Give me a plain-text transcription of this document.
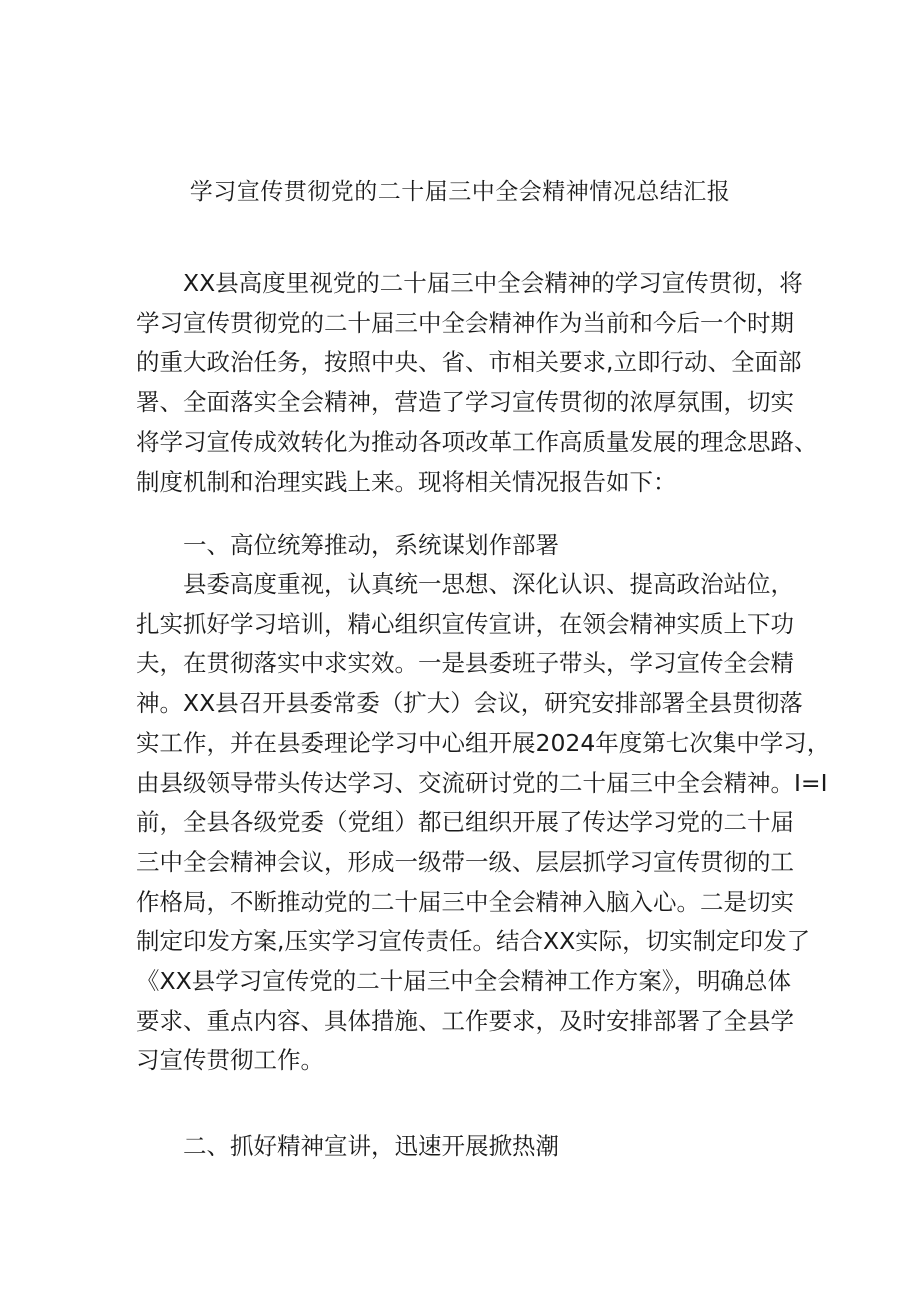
学习宣传贯彻党的二十届三中全会精神情况总结汇报
XX县高度里视党的二十届三中全会精神的学习宣传贯彻，将
学习宣传贯彻党的二十届三中全会精神作为当前和今后一个时期
的重大政治任务，按照中央、省、市相关要求,立即行动、全面部
署、全面落实全会精神，营造了学习宣传贯彻的浓厚氛围，切实
将学习宣传成效转化为推动各项改革工作高质量发展的理念思路、
制度机制和治理实践上来。现将相关情况报告如下：
一、高位统筹推动，系统谋划作部署
县委高度重视，认真统一思想、深化认识、提高政治站位，
扎实抓好学习培训，精心组织宣传宣讲，在领会精神实质上下功
夫，在贯彻落实中求实效。一是县委班子带头，学习宣传全会精
神。XX县召开县委常委（扩大）会议，研究安排部署全县贯彻落
实工作，并在县委理论学习中心组开展2024年度第七次集中学习，
由县级领导带头传达学习、交流研讨党的二十届三中全会精神。I=I
前，全县各级党委（党组）都已组织开展了传达学习党的二十届
三中全会精神会议，形成一级带一级、层层抓学习宣传贯彻的工
作格局，不断推动党的二十届三中全会精神入脑入心。二是切实
制定印发方案,压实学习宣传责任。结合XX实际，切实制定印发了
《XX县学习宣传党的二十届三中全会精神工作方案》，明确总体
要求、重点内容、具体措施、工作要求，及时安排部署了全县学
习宣传贯彻工作。
二、抓好精神宣讲，迅速开展掀热潮
